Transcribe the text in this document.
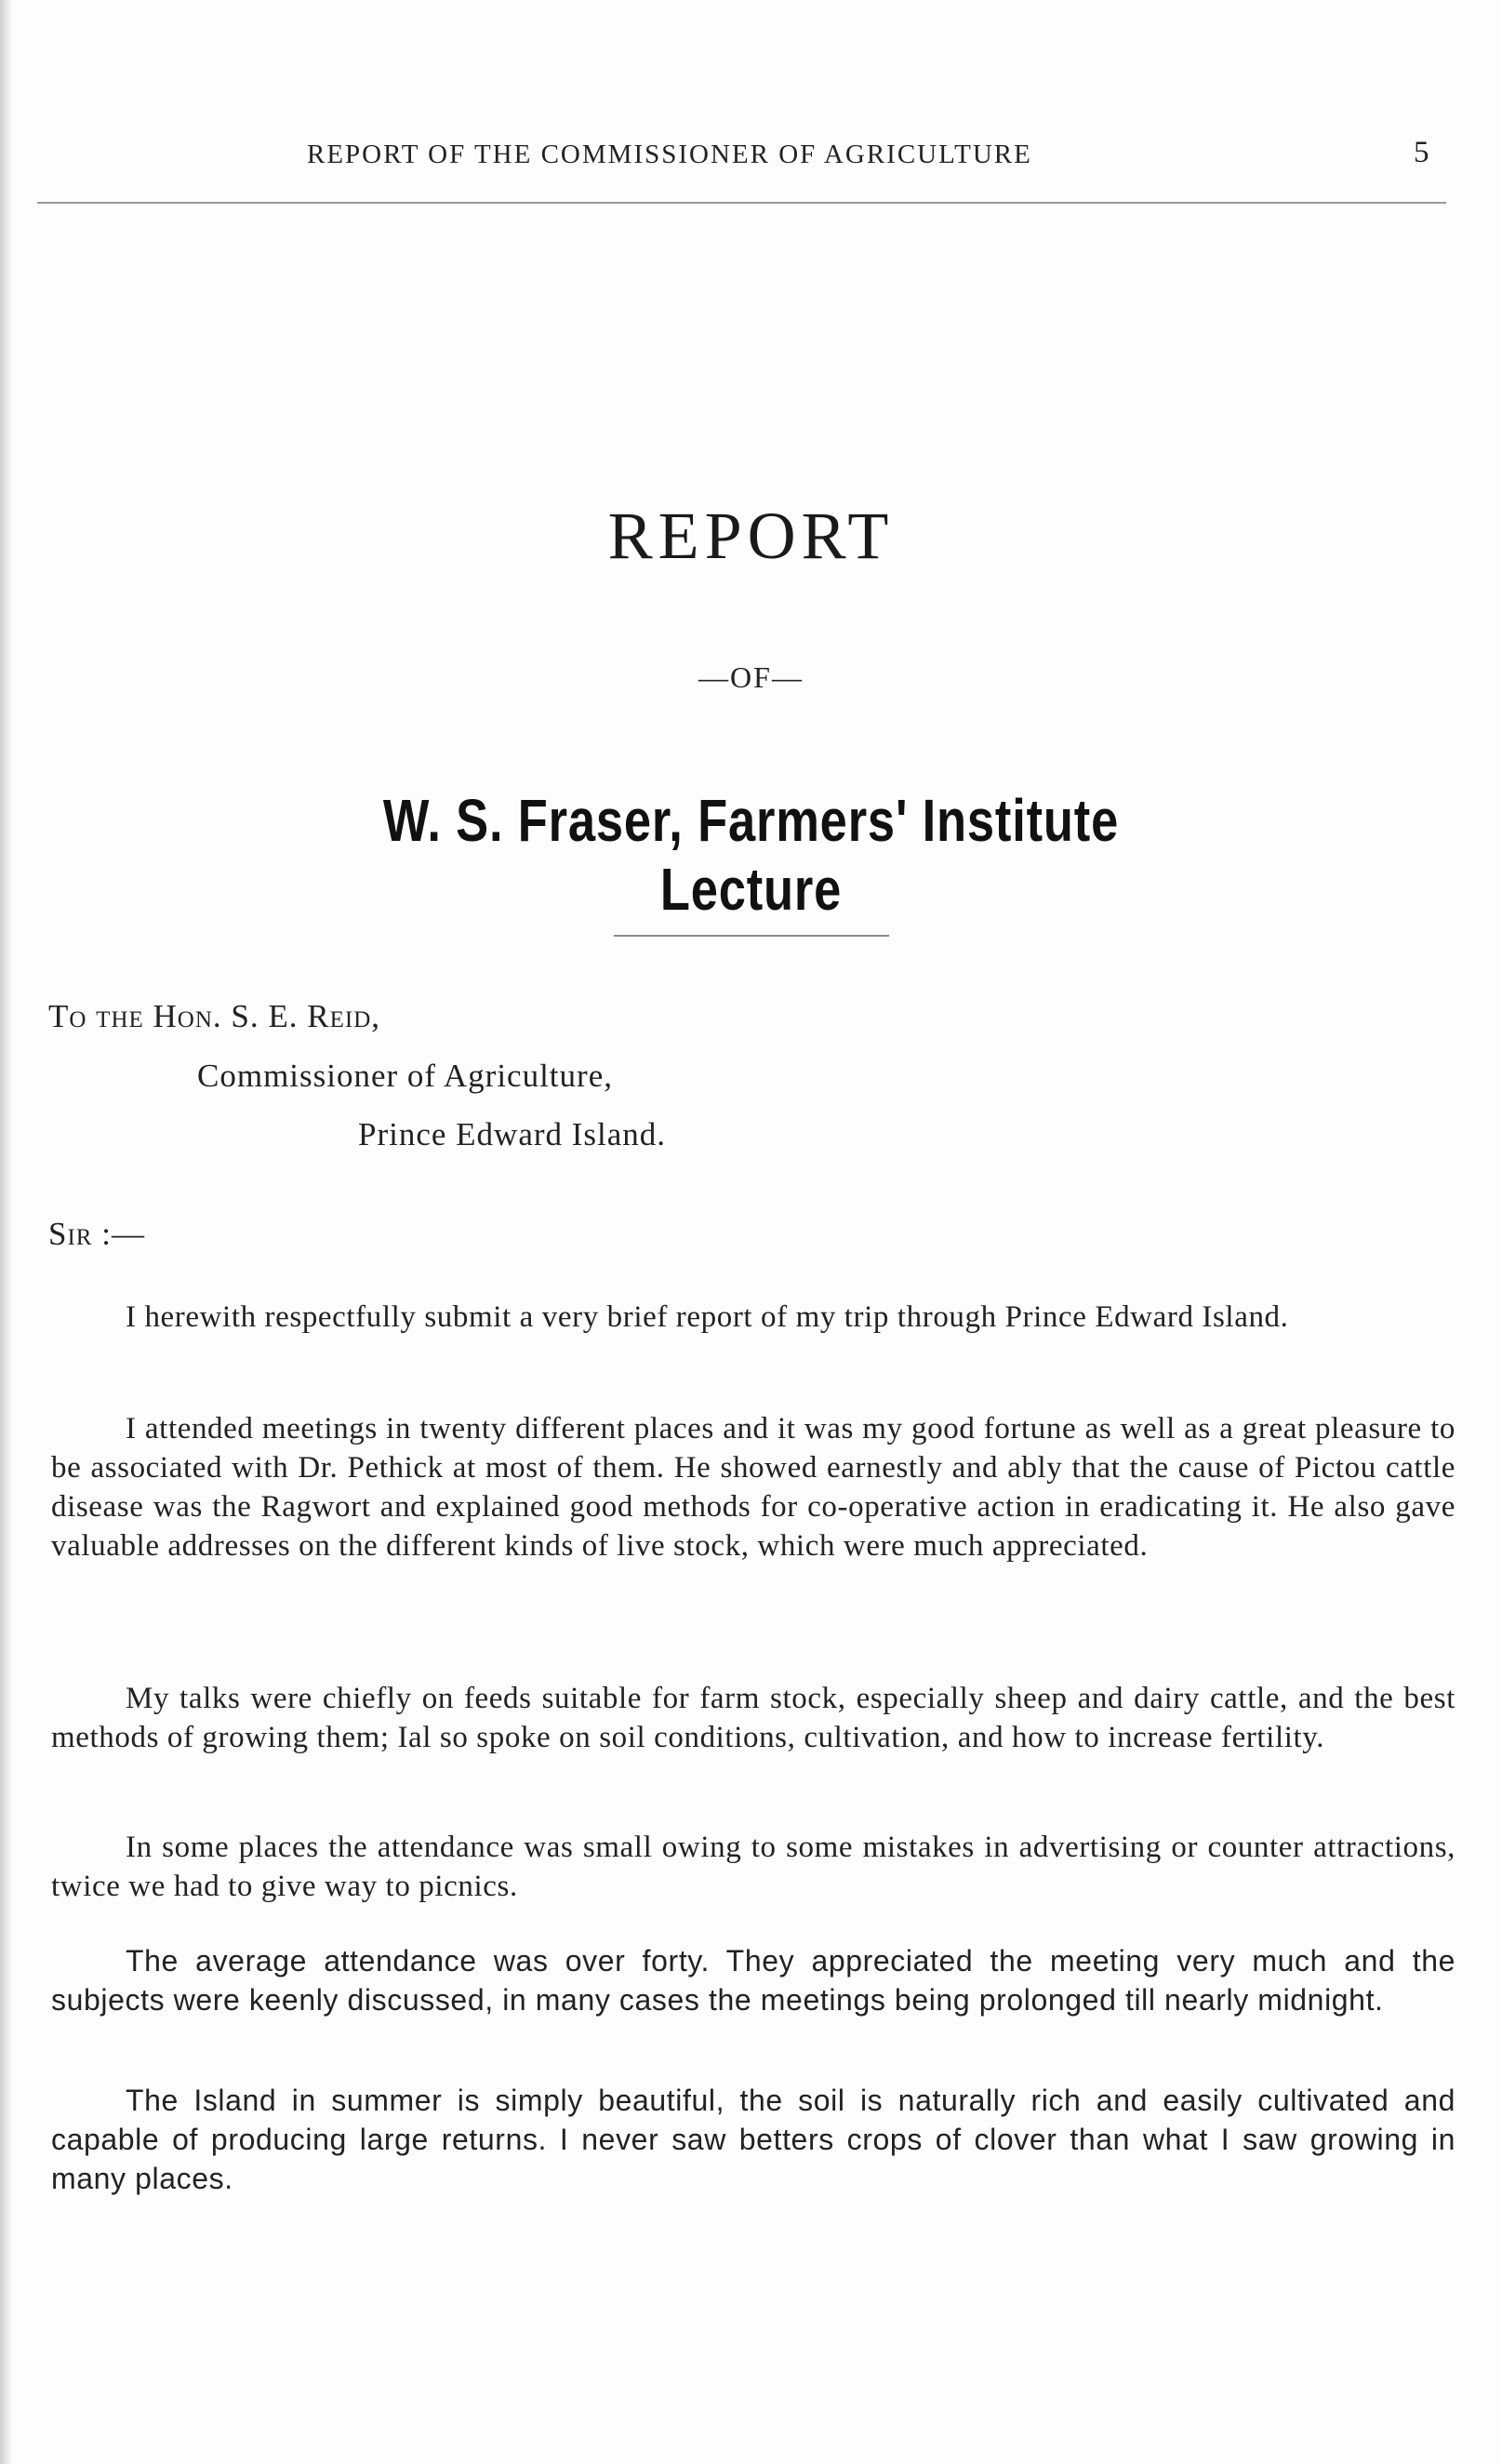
REPORT OF THE COMMISSIONER OF AGRICULTURE	5
REPORT
—OF—
W. S. Fraser, Farmers' Institute Lecture
To the Hon. S. E. Reid,
Commissioner of Agriculture,
Prince Edward Island.
Sir :—

I herewith respectfully submit a very brief report of my trip through Prince Edward Island.

I attended meetings in twenty different places and it was my good fortune as well as a great pleasure to be associated with Dr. Pethick at most of them. He showed earnestly and ably that the cause of Pictou cattle disease was the Ragwort and explained good methods for co-operative action in eradicating it. He also gave valuable addresses on the different kinds of live stock, which were much appreciated.

My talks were chiefly on feeds suitable for farm stock, especially sheep and dairy cattle, and the best methods of growing them; Ial so spoke on soil conditions, cultivation, and how to increase fertility.

In some places the attendance was small owing to some mistakes in advertising or counter attractions, twice we had to give way to picnics.

The average attendance was over forty. They appreciated the meeting very much and the subjects were keenly discussed, in many cases the meetings being prolonged till nearly midnight.

The Island in summer is simply beautiful, the soil is naturally rich and easily cultivated and capable of producing large returns. I never saw betters crops of clover than what I saw growing in many places.
